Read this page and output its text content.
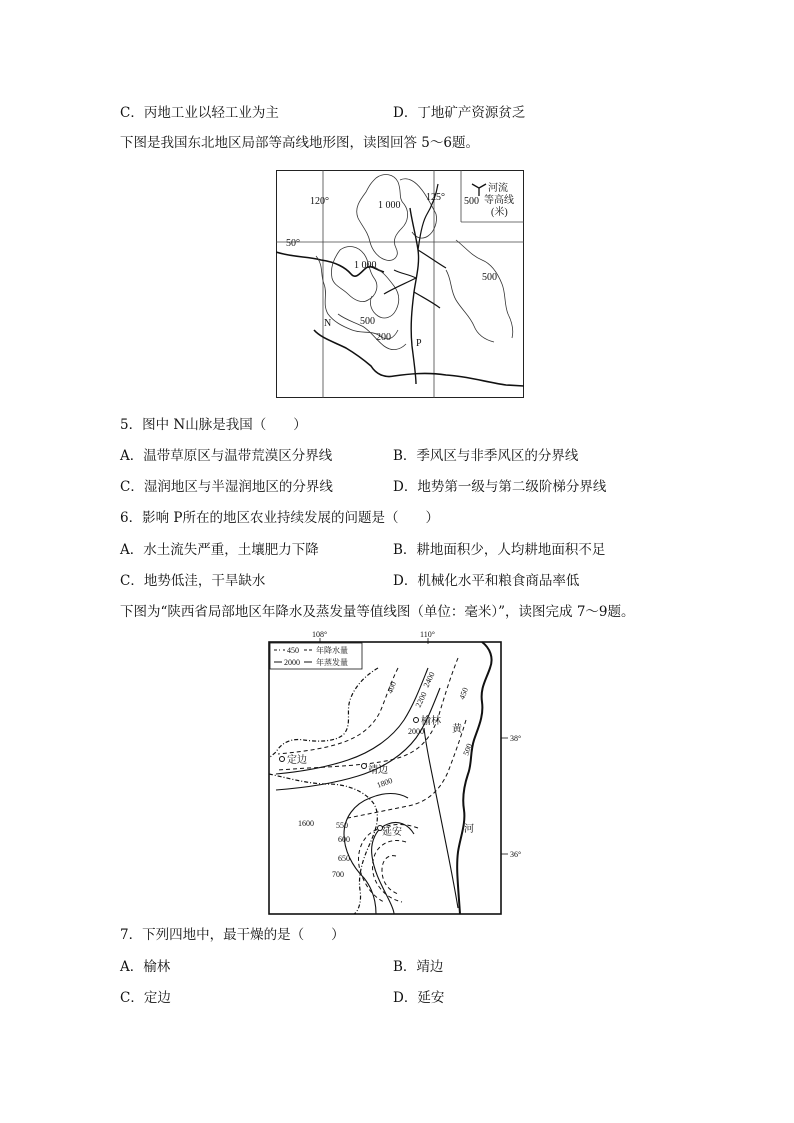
C．丙地工业以轻工业为主	D．丁地矿产资源贫乏
下图是我国东北地区局部等高线地形图，读图回答 5～6题。
河流
500 等高线
(米)
120°	125°
50°
1 000
1 000
500
500
200
N
P
5．图中 N山脉是我国（　　）
A．温带草原区与温带荒漠区分界线	B．季风区与非季风区的分界线
C．湿润地区与半湿润地区的分界线	D．地势第一级与第二级阶梯分界线
6．影响 P所在的地区农业持续发展的问题是（　　）
A．水土流失严重，土壤肥力下降	B．耕地面积少，人均耕地面积不足
C．地势低洼，干旱缺水	D．机械化水平和粮食商品率低
下图为“陕西省局部地区年降水及蒸发量等值线图（单位：毫米）”，读图完成 7～9题。
108°	110°
38°
36°
450 年降水量
2000 年蒸发量
榆林
定边
靖边
延安
黄
河
400	450
500
550
600
650
700
1600
1800
2000
2200
2400
7．下列四地中，最干燥的是（　　）
A．榆林	B．靖边
C．定边	D．延安
